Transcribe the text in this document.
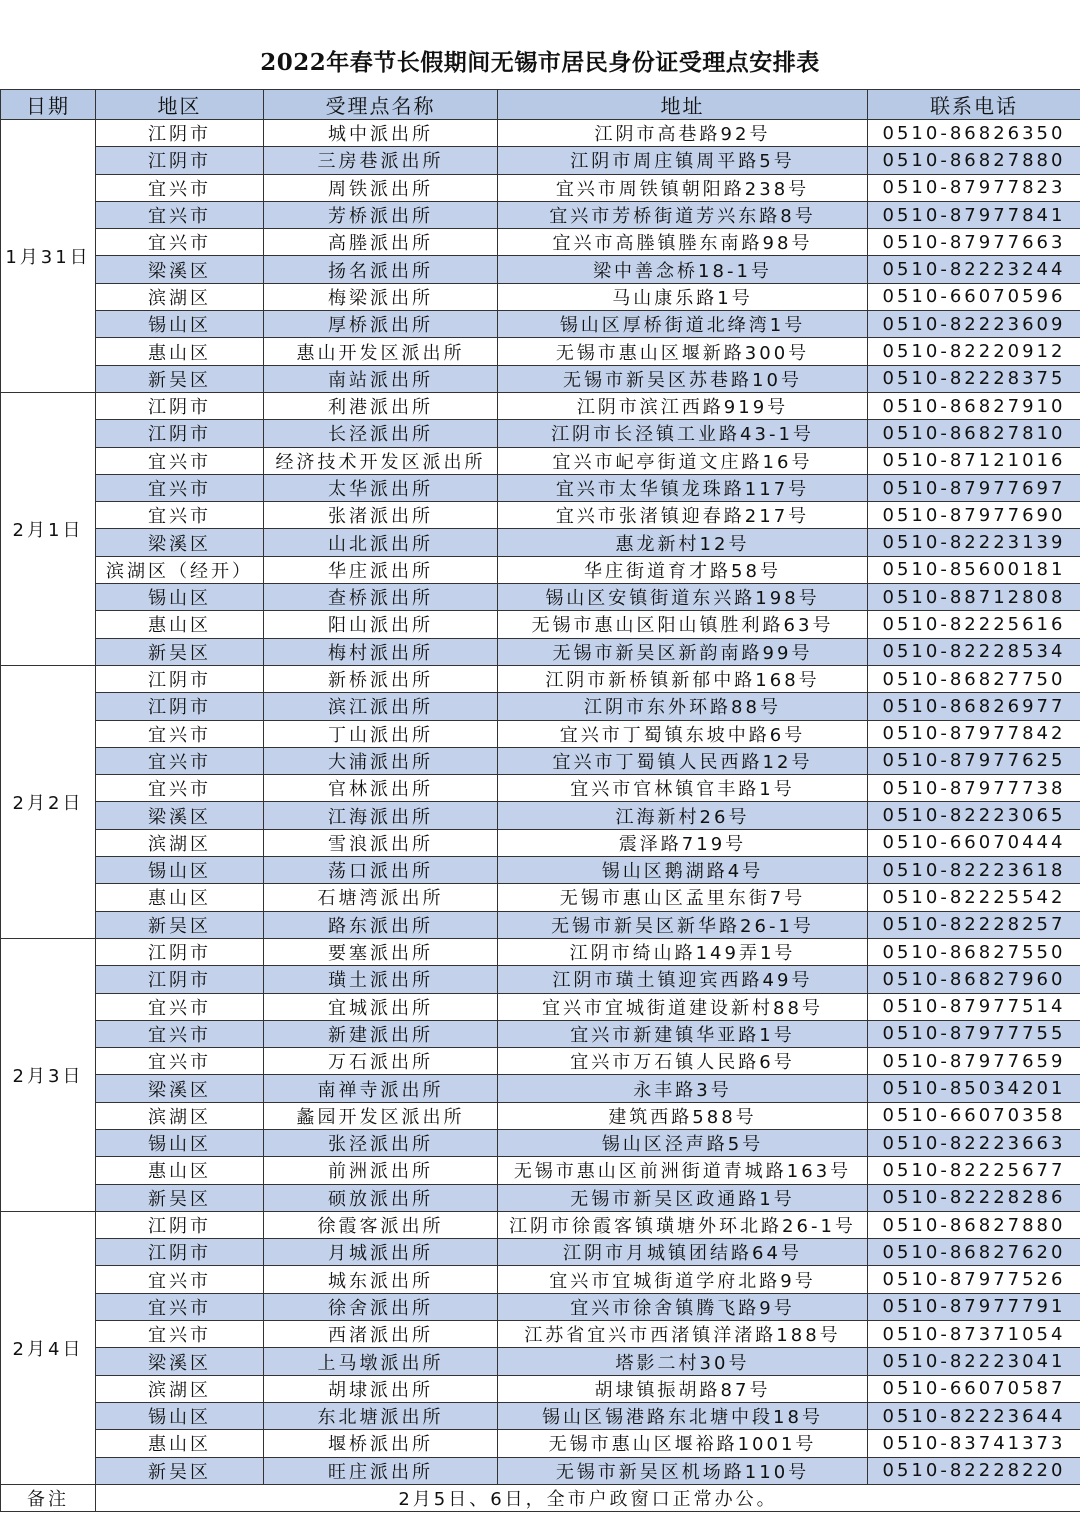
2022年春节长假期间无锡市居民身份证受理点安排表
日期	地区	受理点名称	地址	联系电话
1月31日	江阴市	城中派出所	江阴市高巷路92号	0510-86826350
	江阴市	三房巷派出所	江阴市周庄镇周平路5号	0510-86827880
	宜兴市	周铁派出所	宜兴市周铁镇朝阳路238号	0510-87977823
	宜兴市	芳桥派出所	宜兴市芳桥街道芳兴东路8号	0510-87977841
	宜兴市	高塍派出所	宜兴市高塍镇塍东南路98号	0510-87977663
	梁溪区	扬名派出所	梁中善念桥18-1号	0510-82223244
	滨湖区	梅梁派出所	马山康乐路1号	0510-66070596
	锡山区	厚桥派出所	锡山区厚桥街道北绛湾1号	0510-82223609
	惠山区	惠山开发区派出所	无锡市惠山区堰新路300号	0510-82220912
	新吴区	南站派出所	无锡市新吴区苏巷路10号	0510-82228375
2月1日	江阴市	利港派出所	江阴市滨江西路919号	0510-86827910
	江阴市	长泾派出所	江阴市长泾镇工业路43-1号	0510-86827810
	宜兴市	经济技术开发区派出所	宜兴市屺亭街道文庄路16号	0510-87121016
	宜兴市	太华派出所	宜兴市太华镇龙珠路117号	0510-87977697
	宜兴市	张渚派出所	宜兴市张渚镇迎春路217号	0510-87977690
	梁溪区	山北派出所	惠龙新村12号	0510-82223139
	滨湖区（经开）	华庄派出所	华庄街道育才路58号	0510-85600181
	锡山区	查桥派出所	锡山区安镇街道东兴路198号	0510-88712808
	惠山区	阳山派出所	无锡市惠山区阳山镇胜利路63号	0510-82225616
	新吴区	梅村派出所	无锡市新吴区新韵南路99号	0510-82228534
2月2日	江阴市	新桥派出所	江阴市新桥镇新郁中路168号	0510-86827750
	江阴市	滨江派出所	江阴市东外环路88号	0510-86826977
	宜兴市	丁山派出所	宜兴市丁蜀镇东坡中路6号	0510-87977842
	宜兴市	大浦派出所	宜兴市丁蜀镇人民西路12号	0510-87977625
	宜兴市	官林派出所	宜兴市官林镇官丰路1号	0510-87977738
	梁溪区	江海派出所	江海新村26号	0510-82223065
	滨湖区	雪浪派出所	震泽路719号	0510-66070444
	锡山区	荡口派出所	锡山区鹅湖路4号	0510-82223618
	惠山区	石塘湾派出所	无锡市惠山区孟里东街7号	0510-82225542
	新吴区	路东派出所	无锡市新吴区新华路26-1号	0510-82228257
2月3日	江阴市	要塞派出所	江阴市绮山路149弄1号	0510-86827550
	江阴市	璜土派出所	江阴市璜土镇迎宾西路49号	0510-86827960
	宜兴市	宜城派出所	宜兴市宜城街道建设新村88号	0510-87977514
	宜兴市	新建派出所	宜兴市新建镇华亚路1号	0510-87977755
	宜兴市	万石派出所	宜兴市万石镇人民路6号	0510-87977659
	梁溪区	南禅寺派出所	永丰路3号	0510-85034201
	滨湖区	蠡园开发区派出所	建筑西路588号	0510-66070358
	锡山区	张泾派出所	锡山区泾声路5号	0510-82223663
	惠山区	前洲派出所	无锡市惠山区前洲街道青城路163号	0510-82225677
	新吴区	硕放派出所	无锡市新吴区政通路1号	0510-82228286
2月4日	江阴市	徐霞客派出所	江阴市徐霞客镇璜塘外环北路26-1号	0510-86827880
	江阴市	月城派出所	江阴市月城镇团结路64号	0510-86827620
	宜兴市	城东派出所	宜兴市宜城街道学府北路9号	0510-87977526
	宜兴市	徐舍派出所	宜兴市徐舍镇腾飞路9号	0510-87977791
	宜兴市	西渚派出所	江苏省宜兴市西渚镇洋渚路188号	0510-87371054
	梁溪区	上马墩派出所	塔影二村30号	0510-82223041
	滨湖区	胡埭派出所	胡埭镇振胡路87号	0510-66070587
	锡山区	东北塘派出所	锡山区锡港路东北塘中段18号	0510-82223644
	惠山区	堰桥派出所	无锡市惠山区堰裕路1001号	0510-83741373
	新吴区	旺庄派出所	无锡市新吴区机场路110号	0510-82228220
备注	2月5日、6日，全市户政窗口正常办公。			
